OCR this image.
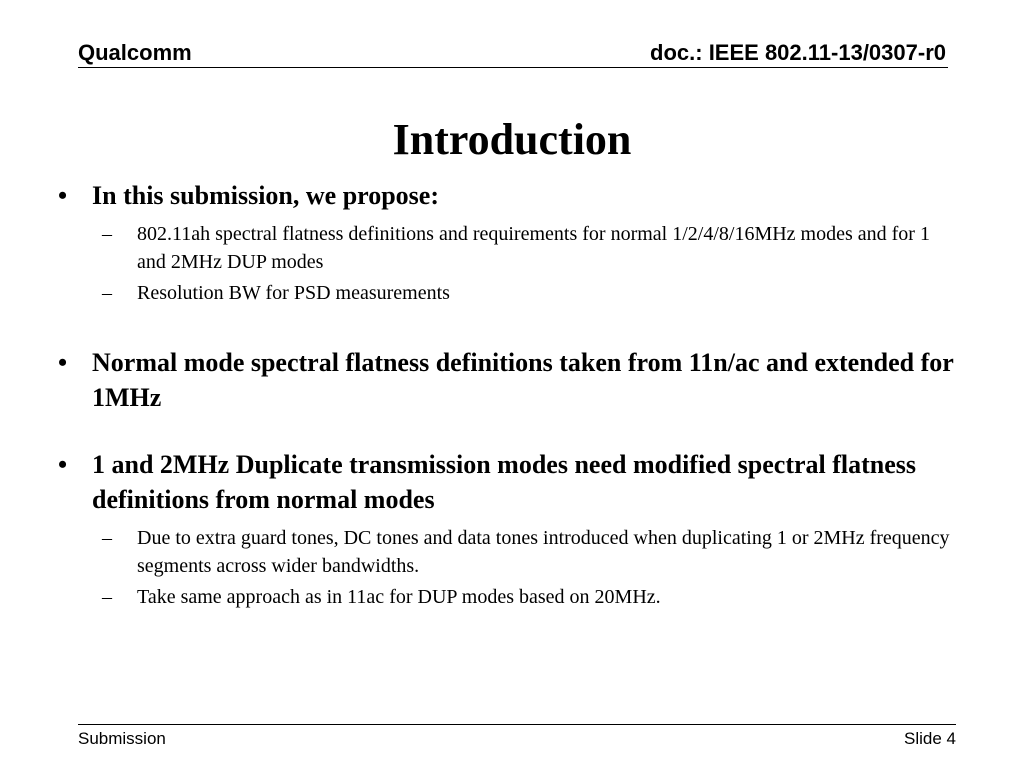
Qualcomm	doc.: IEEE 802.11-13/0307-r0
Introduction
• In this submission, we propose:
– 802.11ah spectral flatness definitions and requirements for normal 1/2/4/8/16MHz modes and for 1 and 2MHz DUP modes
– Resolution BW for PSD measurements
• Normal mode spectral flatness definitions taken from 11n/ac and extended for 1MHz
• 1 and 2MHz Duplicate transmission modes need modified spectral flatness definitions from normal modes
– Due to extra guard tones, DC tones and data tones introduced when duplicating 1 or 2MHz frequency segments across wider bandwidths.
– Take same approach as in 11ac for DUP modes based on 20MHz.
Submission	Slide 4
